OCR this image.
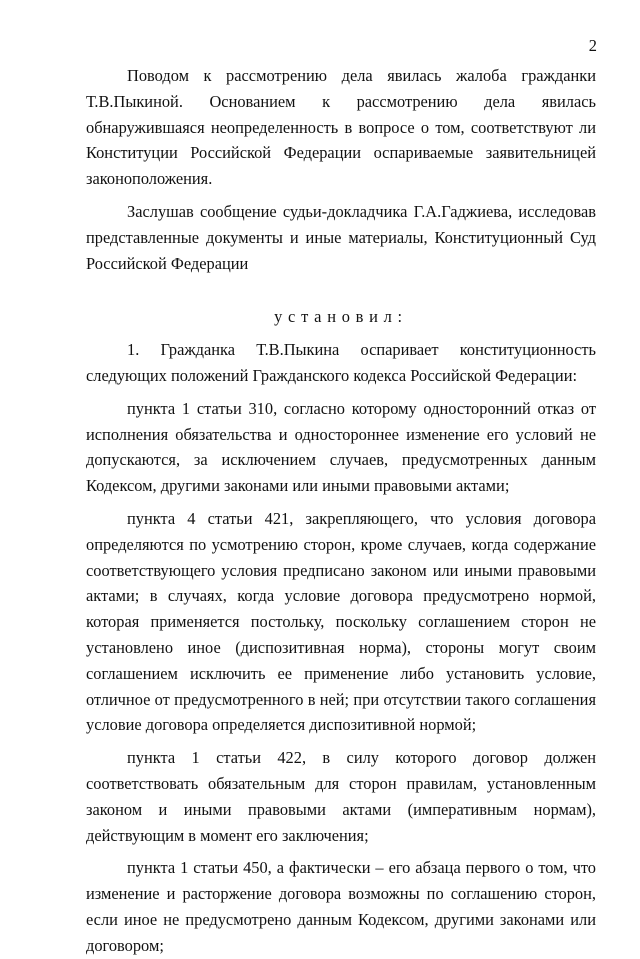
2

Поводом к рассмотрению дела явилась жалоба гражданки Т.В.Пыкиной. Основанием к рассмотрению дела явилась обнаружившаяся неопределенность в вопросе о том, соответствуют ли Конституции Российской Федерации оспариваемые заявительницей законоположения.

Заслушав сообщение судьи-докладчика Г.А.Гаджиева, исследовав представленные документы и иные материалы, Конституционный Суд Российской Федерации

установил:

1. Гражданка Т.В.Пыкина оспаривает конституционность следующих положений Гражданского кодекса Российской Федерации:

пункта 1 статьи 310, согласно которому односторонний отказ от исполнения обязательства и одностороннее изменение его условий не допускаются, за исключением случаев, предусмотренных данным Кодексом, другими законами или иными правовыми актами;

пункта 4 статьи 421, закрепляющего, что условия договора определяются по усмотрению сторон, кроме случаев, когда содержание соответствующего условия предписано законом или иными правовыми актами; в случаях, когда условие договора предусмотрено нормой, которая применяется постольку, поскольку соглашением сторон не установлено иное (диспозитивная норма), стороны могут своим соглашением исключить ее применение либо установить условие, отличное от предусмотренного в ней; при отсутствии такого соглашения условие договора определяется диспозитивной нормой;

пункта 1 статьи 422, в силу которого договор должен соответствовать обязательным для сторон правилам, установленным законом и иными правовыми актами (императивным нормам), действующим в момент его заключения;

пункта 1 статьи 450, а фактически – его абзаца первого о том, что изменение и расторжение договора возможны по соглашению сторон, если иное не предусмотрено данным Кодексом, другими законами или договором;
